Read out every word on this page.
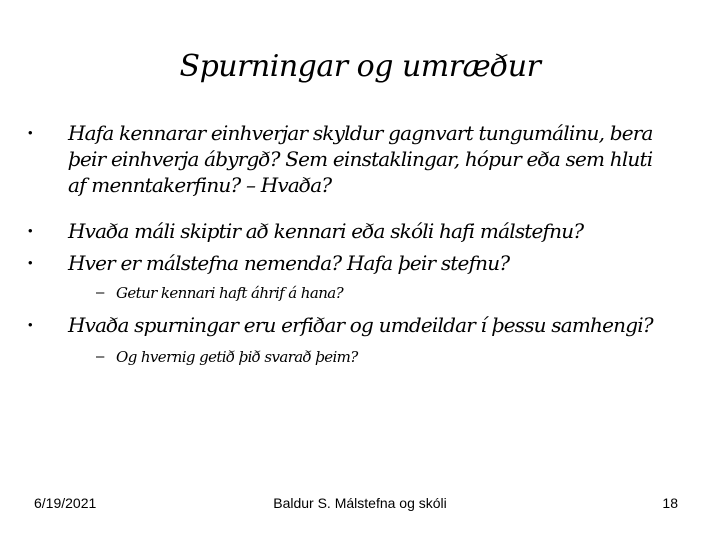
Spurningar og umræður
• Hafa kennarar einhverjar skyldur gagnvart tungumálinu, bera þeir einhverja ábyrgð? Sem einstaklingar, hópur eða sem hluti af menntakerfinu? – Hvaða?
• Hvaða máli skiptir að kennari eða skóli hafi málstefnu?
• Hver er málstefna nemenda? Hafa þeir stefnu?
– Getur kennari haft áhrif á hana?
• Hvaða spurningar eru erfiðar og umdeildar í þessu samhengi?
– Og hvernig getið þið svarað þeim?
6/19/2021	Baldur S. Málstefna og skóli	18
